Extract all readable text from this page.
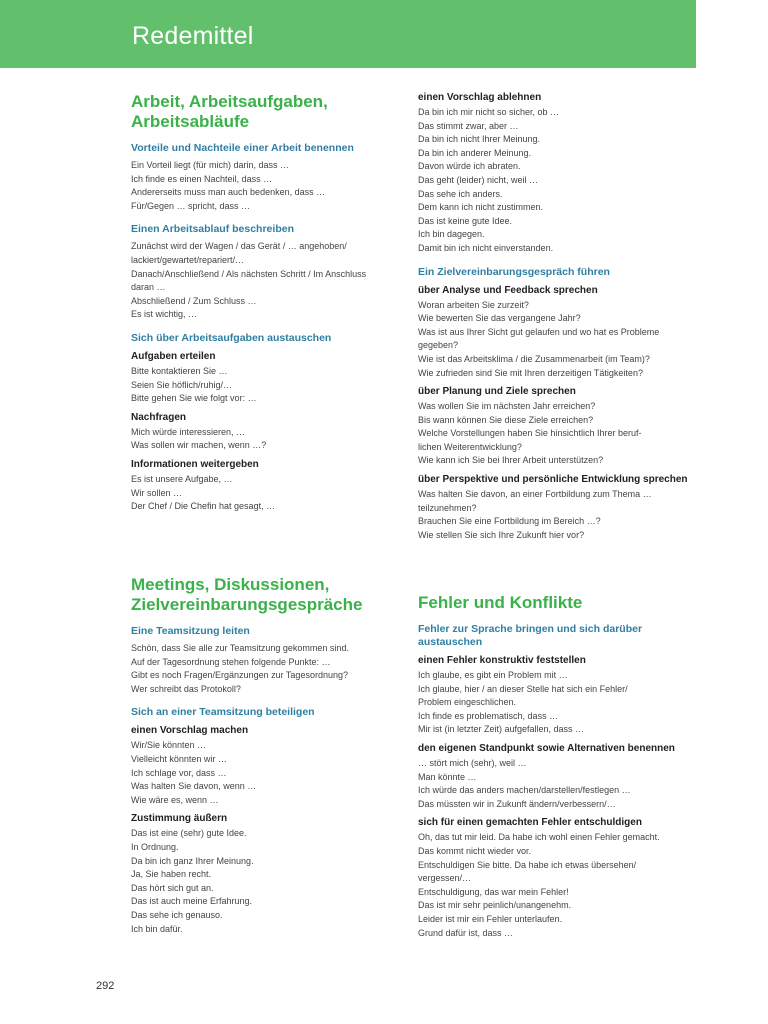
Redemittel
Arbeit, Arbeitsaufgaben,
Arbeitsabläufe
Vorteile und Nachteile einer Arbeit benennen
Ein Vorteil liegt (für mich) darin, dass …
Ich finde es einen Nachteil, dass …
Andererseits muss man auch bedenken, dass …
Für/Gegen … spricht, dass …
Einen Arbeitsablauf beschreiben
Zunächst wird der Wagen / das Gerät / … angehoben/
lackiert/gewartet/repariert/…
Danach/Anschließend / Als nächsten Schritt / Im Anschluss
daran …
Abschließend / Zum Schluss …
Es ist wichtig, …
Sich über Arbeitsaufgaben austauschen
Aufgaben erteilen
Bitte kontaktieren Sie …
Seien Sie höflich/ruhig/…
Bitte gehen Sie wie folgt vor: …
Nachfragen
Mich würde interessieren, …
Was sollen wir machen, wenn …?
Informationen weitergeben
Es ist unsere Aufgabe, …
Wir sollen …
Der Chef / Die Chefin hat gesagt, …
einen Vorschlag ablehnen
Da bin ich mir nicht so sicher, ob …
Das stimmt zwar, aber …
Da bin ich nicht Ihrer Meinung.
Da bin ich anderer Meinung.
Davon würde ich abraten.
Das geht (leider) nicht, weil …
Das sehe ich anders.
Dem kann ich nicht zustimmen.
Das ist keine gute Idee.
Ich bin dagegen.
Damit bin ich nicht einverstanden.
Ein Zielvereinbarungsgespräch führen
über Analyse und Feedback sprechen
Woran arbeiten Sie zurzeit?
Wie bewerten Sie das vergangene Jahr?
Was ist aus Ihrer Sicht gut gelaufen und wo hat es Probleme
gegeben?
Wie ist das Arbeitsklima / die Zusammenarbeit (im Team)?
Wie zufrieden sind Sie mit Ihren derzeitigen Tätigkeiten?
über Planung und Ziele sprechen
Was wollen Sie im nächsten Jahr erreichen?
Bis wann können Sie diese Ziele erreichen?
Welche Vorstellungen haben Sie hinsichtlich Ihrer beruf-
lichen Weiterentwicklung?
Wie kann ich Sie bei Ihrer Arbeit unterstützen?
über Perspektive und persönliche Entwicklung sprechen
Was halten Sie davon, an einer Fortbildung zum Thema …
teilzunehmen?
Brauchen Sie eine Fortbildung im Bereich …?
Wie stellen Sie sich Ihre Zukunft hier vor?
Meetings, Diskussionen,
Zielvereinbarungsgespräche
Eine Teamsitzung leiten
Schön, dass Sie alle zur Teamsitzung gekommen sind.
Auf der Tagesordnung stehen folgende Punkte: …
Gibt es noch Fragen/Ergänzungen zur Tagesordnung?
Wer schreibt das Protokoll?
Sich an einer Teamsitzung beteiligen
einen Vorschlag machen
Wir/Sie könnten …
Vielleicht könnten wir …
Ich schlage vor, dass …
Was halten Sie davon, wenn …
Wie wäre es, wenn …
Zustimmung äußern
Das ist eine (sehr) gute Idee.
In Ordnung.
Da bin ich ganz Ihrer Meinung.
Ja, Sie haben recht.
Das hört sich gut an.
Das ist auch meine Erfahrung.
Das sehe ich genauso.
Ich bin dafür.
Fehler und Konflikte
Fehler zur Sprache bringen und sich darüber
austauschen
einen Fehler konstruktiv feststellen
Ich glaube, es gibt ein Problem mit …
Ich glaube, hier / an dieser Stelle hat sich ein Fehler/
Problem eingeschlichen.
Ich finde es problematisch, dass …
Mir ist (in letzter Zeit) aufgefallen, dass …
den eigenen Standpunkt sowie Alternativen benennen
… stört mich (sehr), weil …
Man könnte …
Ich würde das anders machen/darstellen/festlegen …
Das müssten wir in Zukunft ändern/verbessern/…
sich für einen gemachten Fehler entschuldigen
Oh, das tut mir leid. Da habe ich wohl einen Fehler gemacht.
Das kommt nicht wieder vor.
Entschuldigen Sie bitte. Da habe ich etwas übersehen/
vergessen/…
Entschuldigung, das war mein Fehler!
Das ist mir sehr peinlich/unangenehm.
Leider ist mir ein Fehler unterlaufen.
Grund dafür ist, dass …
292
